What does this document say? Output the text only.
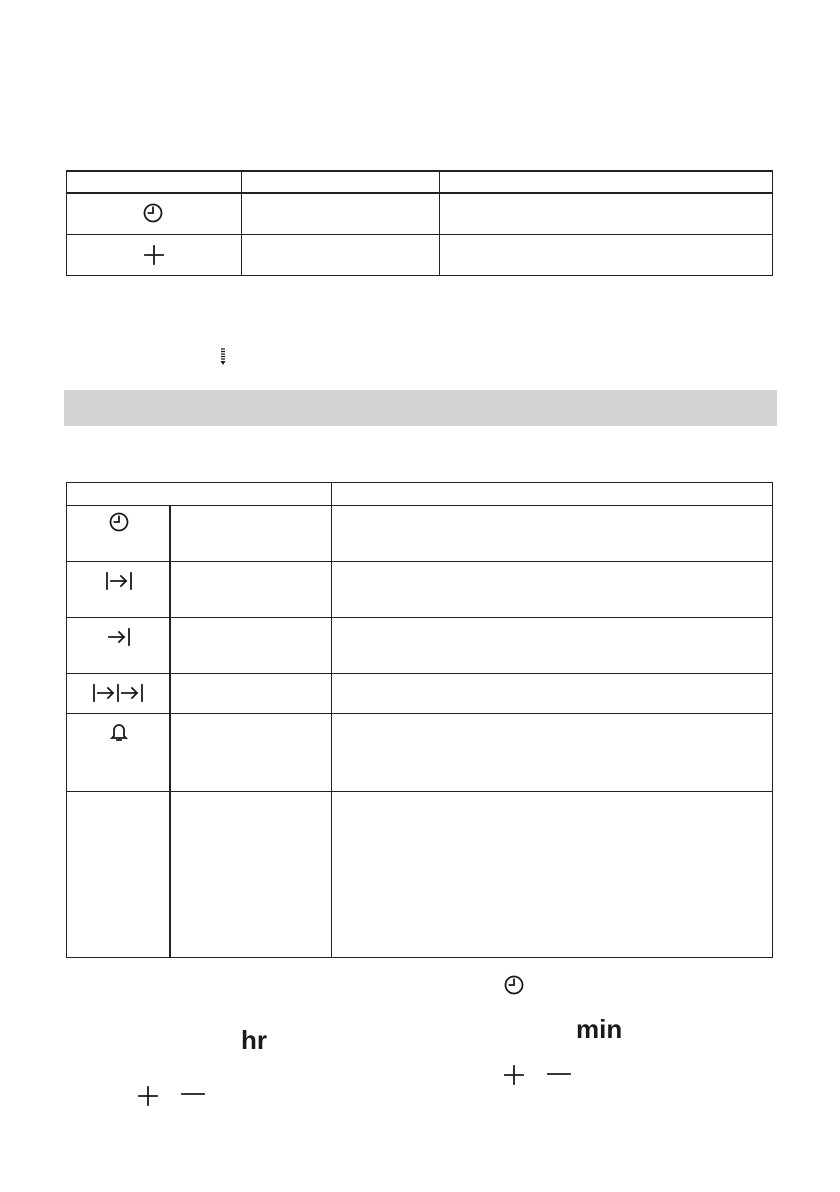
hr	min
